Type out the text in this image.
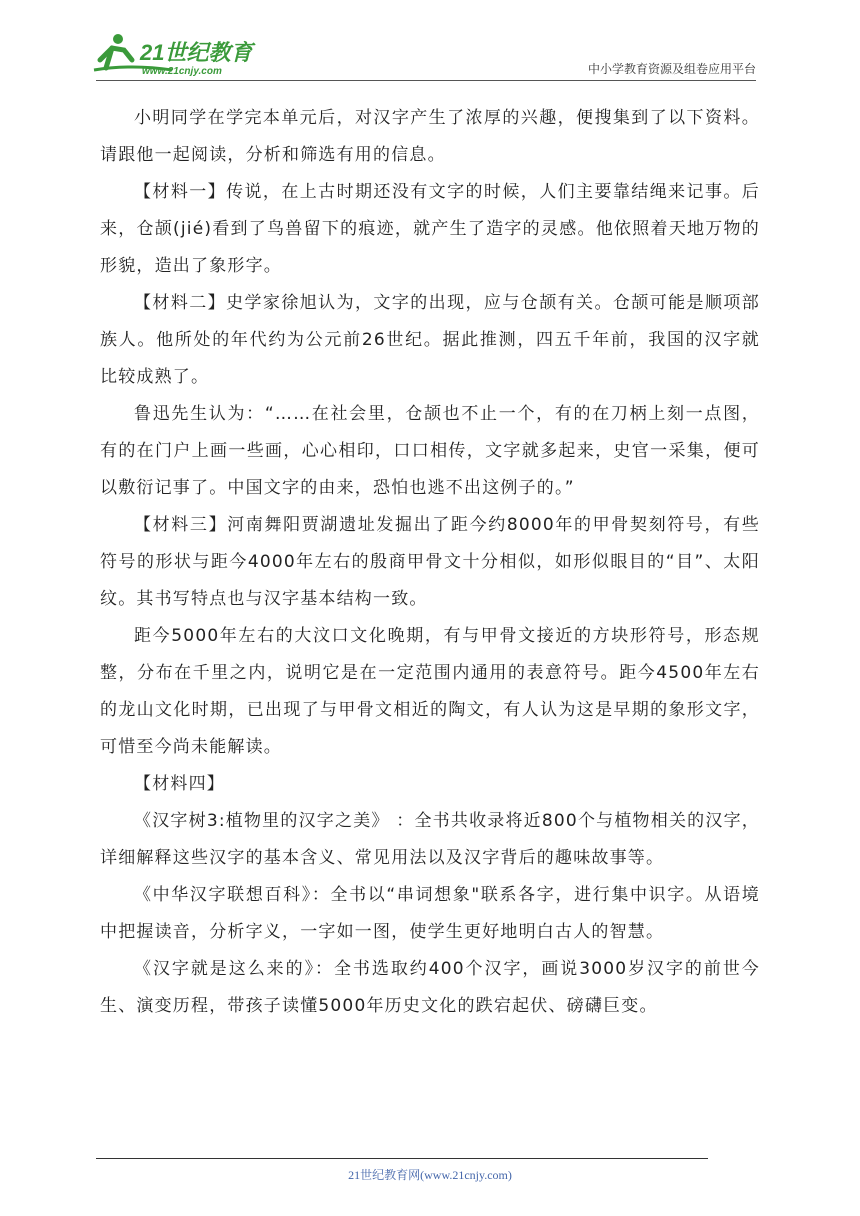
21世纪教育
www.21cnjy.com	中小学教育资源及组卷应用平台

小明同学在学完本单元后，对汉字产生了浓厚的兴趣，便搜集到了以下资料。请跟他一起阅读，分析和筛选有用的信息。

【材料一】传说，在上古时期还没有文字的时候，人们主要靠结绳来记事。后来，仓颉(jié)看到了鸟兽留下的痕迹，就产生了造字的灵感。他依照着天地万物的形貌，造出了象形字。

【材料二】史学家徐旭认为，文字的出现，应与仓颉有关。仓颉可能是顺项部族人。他所处的年代约为公元前26世纪。据此推测，四五千年前，我国的汉字就比较成熟了。

鲁迅先生认为：“……在社会里，仓颉也不止一个，有的在刀柄上刻一点图，有的在门户上画一些画，心心相印，口口相传，文字就多起来，史官一采集，便可以敷衍记事了。中国文字的由来，恐怕也逃不出这例子的。”

【材料三】河南舞阳贾湖遗址发掘出了距今约8000年的甲骨契刻符号，有些符号的形状与距今4000年左右的殷商甲骨文十分相似，如形似眼目的“目”、太阳纹。其书写特点也与汉字基本结构一致。

距今5000年左右的大汶口文化晚期，有与甲骨文接近的方块形符号，形态规整，分布在千里之内，说明它是在一定范围内通用的表意符号。距今4500年左右的龙山文化时期，已出现了与甲骨文相近的陶文，有人认为这是早期的象形文字，可惜至今尚未能解读。

【材料四】

《汉字树3:植物里的汉字之美》 ：全书共收录将近800个与植物相关的汉字，详细解释这些汉字的基本含义、常见用法以及汉字背后的趣味故事等。

《中华汉字联想百科》：全书以“串词想象"联系各字，进行集中识字。从语境中把握读音，分析字义，一字如一图，使学生更好地明白古人的智慧。

《汉字就是这么来的》：全书选取约400个汉字，画说3000岁汉字的前世今生、演变历程，带孩子读懂5000年历史文化的跌宕起伏、磅礴巨变。

21世纪教育网(www.21cnjy.com)
